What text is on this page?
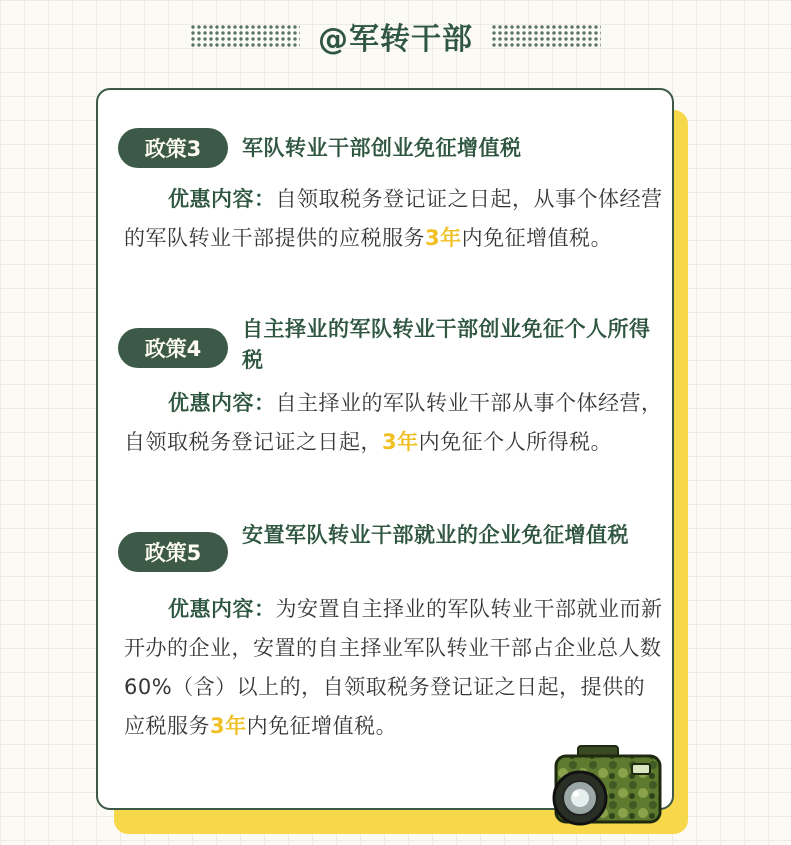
@军转干部
政策3	军队转业干部创业免征增值税
优惠内容：自领取税务登记证之日起，从事个体经营的军队转业干部提供的应税服务3年内免征增值税。
政策4
自主择业的军队转业干部创业免征个人所得税
优惠内容：自主择业的军队转业干部从事个体经营，自领取税务登记证之日起，3年内免征个人所得税。
政策5
安置军队转业干部就业的企业免征增值税
优惠内容：为安置自主择业的军队转业干部就业而新开办的企业，安置的自主择业军队转业干部占企业总人数60%（含）以上的，自领取税务登记证之日起，提供的应税服务3年内免征增值税。
